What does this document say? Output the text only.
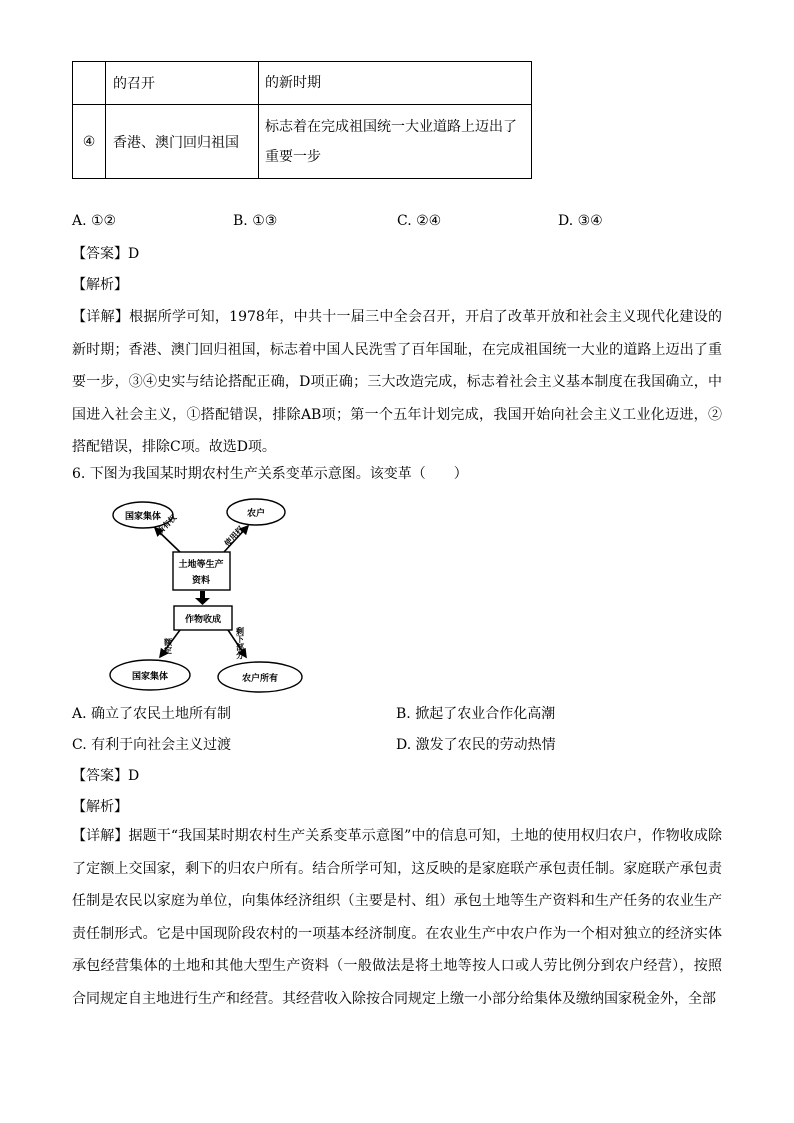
	的召开	的新时期
④	香港、澳门回归祖国	标志着在完成祖国统一大业道路上迈出了重要一步
A. ①②	B. ①③	C. ②④	D. ③④
【答案】D
【解析】

【详解】根据所学可知，1978年，中共十一届三中全会召开，开启了改革开放和社会主义现代化建设的新时期；香港、澳门回归祖国，标志着中国人民洗雪了百年国耻，在完成祖国统一大业的道路上迈出了重要一步，③④史实与结论搭配正确，D项正确；三大改造完成，标志着社会主义基本制度在我国确立，中国进入社会主义，①搭配错误，排除AB项；第一个五年计划完成，我国开始向社会主义工业化迈进，②搭配错误，排除C项。故选D项。

6. 下图为我国某时期农村生产关系变革示意图。该变革（　　）
国家集体	农户
土地等生产
资料
所有权	使用权
作物收成
额定	剩下部分
国家集体	农户所有
A. 确立了农民土地所有制	B. 掀起了农业合作化高潮
C. 有利于向社会主义过渡	D. 激发了农民的劳动热情
【答案】D
【解析】

【详解】据题干“我国某时期农村生产关系变革示意图”中的信息可知，土地的使用权归农户，作物收成除了定额上交国家，剩下的归农户所有。结合所学可知，这反映的是家庭联产承包责任制。家庭联产承包责任制是农民以家庭为单位，向集体经济组织（主要是村、组）承包土地等生产资料和生产任务的农业生产责任制形式。它是中国现阶段农村的一项基本经济制度。在农业生产中农户作为一个相对独立的经济实体承包经营集体的土地和其他大型生产资料（一般做法是将土地等按人口或人劳比例分到农户经营），按照合同规定自主地进行生产和经营。其经营收入除按合同规定上缴一小部分给集体及缴纳国家税金外，全部
